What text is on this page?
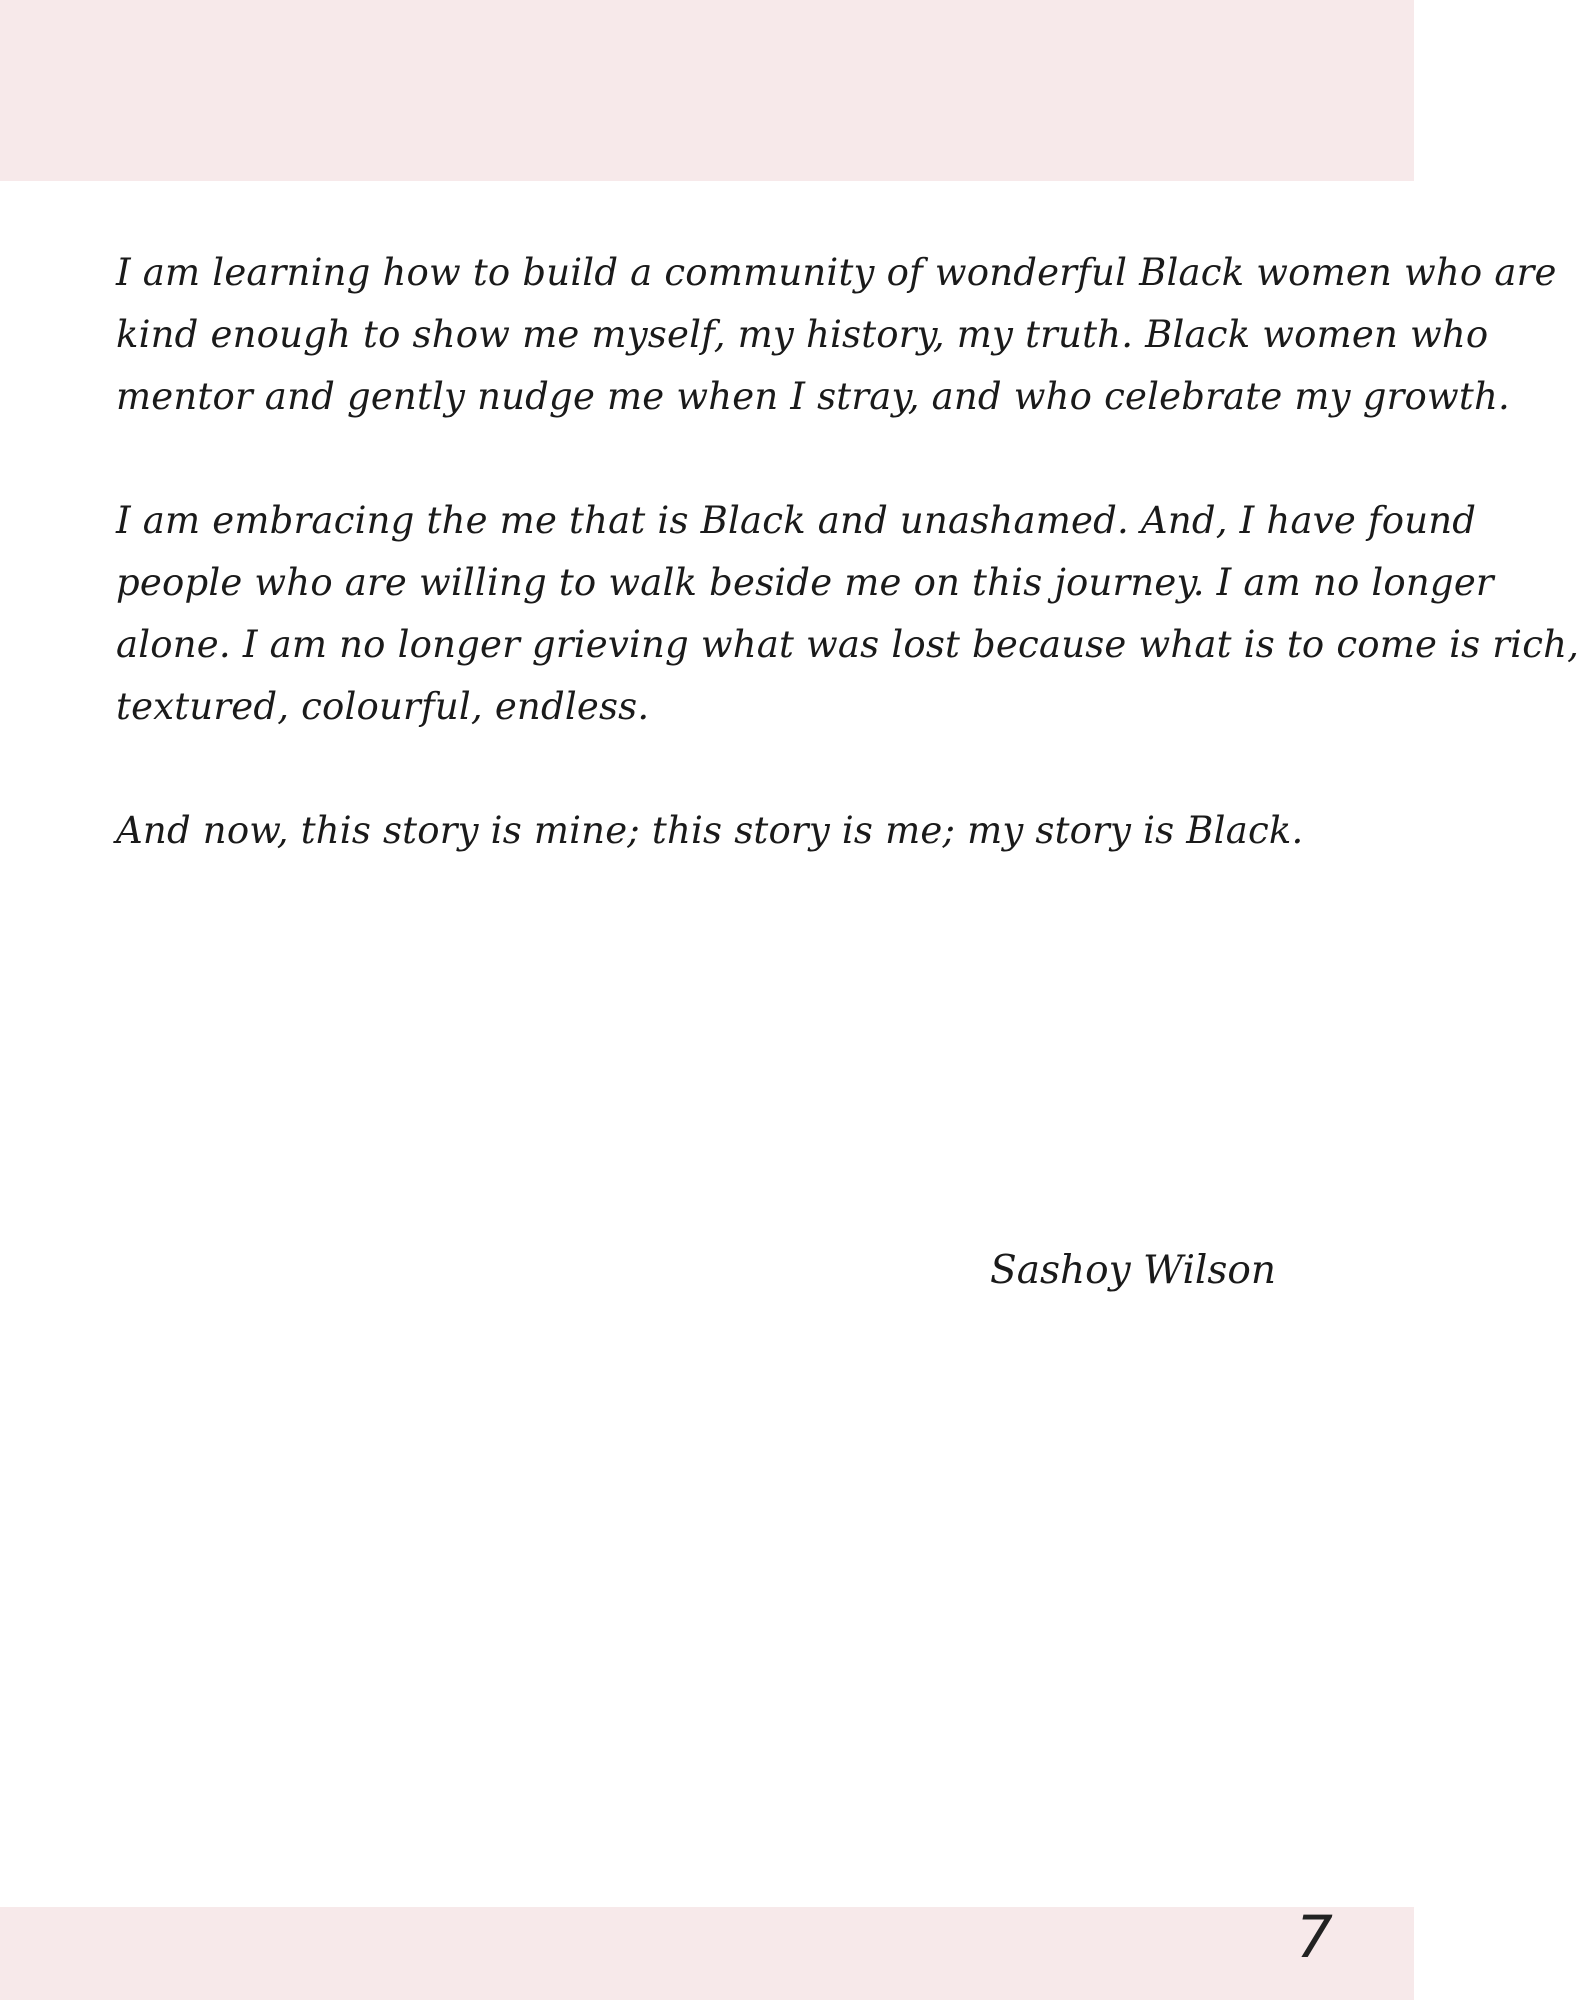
I am learning how to build a community of wonderful Black women who are
kind enough to show me myself, my history, my truth. Black women who
mentor and gently nudge me when I stray, and who celebrate my growth.

I am embracing the me that is Black and unashamed. And, I have found
people who are willing to walk beside me on this journey. I am no longer
alone. I am no longer grieving what was lost because what is to come is rich,
textured, colourful, endless.

And now, this story is mine; this story is me; my story is Black.

Sashoy Wilson
7
